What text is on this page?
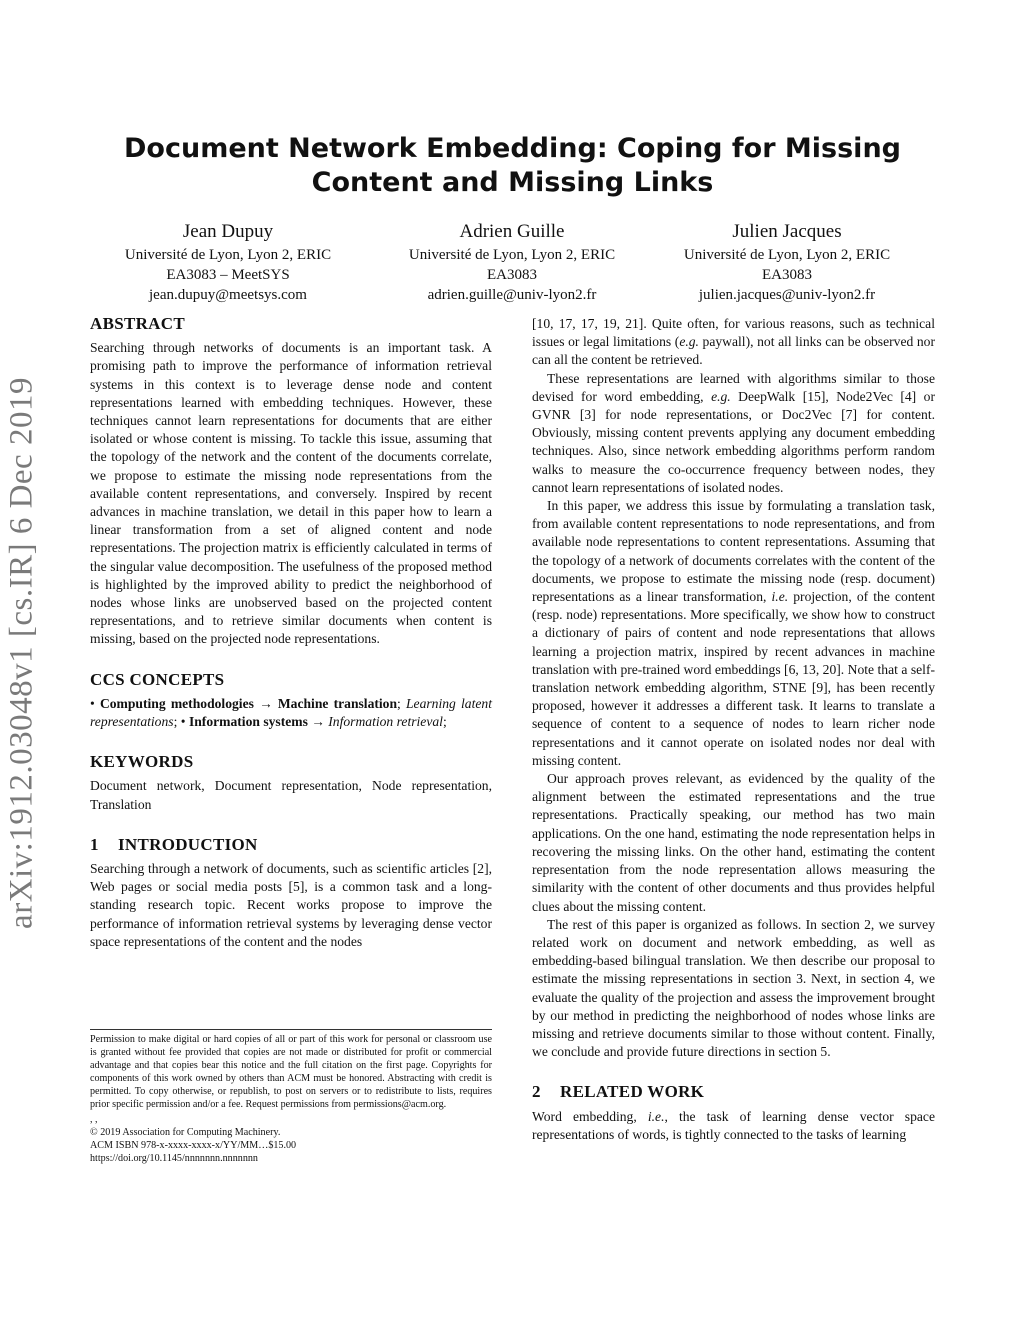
arXiv:1912.03048v1 [cs.IR] 6 Dec 2019
Document Network Embedding: Coping for Missing Content and Missing Links
Jean Dupuy
Université de Lyon, Lyon 2, ERIC
EA3083 – MeetSYS
jean.dupuy@meetsys.com
Adrien Guille
Université de Lyon, Lyon 2, ERIC
EA3083
adrien.guille@univ-lyon2.fr
Julien Jacques
Université de Lyon, Lyon 2, ERIC
EA3083
julien.jacques@univ-lyon2.fr
ABSTRACT

Searching through networks of documents is an important task. A promising path to improve the performance of information retrieval systems in this context is to leverage dense node and content representations learned with embedding techniques. However, these techniques cannot learn representations for documents that are either isolated or whose content is missing. To tackle this issue, assuming that the topology of the network and the content of the documents correlate, we propose to estimate the missing node representations from the available content representations, and conversely. Inspired by recent advances in machine translation, we detail in this paper how to learn a linear transformation from a set of aligned content and node representations. The projection matrix is efficiently calculated in terms of the singular value decomposition. The usefulness of the proposed method is highlighted by the improved ability to predict the neighborhood of nodes whose links are unobserved based on the projected content representations, and to retrieve similar documents when content is missing, based on the projected node representations.

CCS CONCEPTS

• Computing methodologies → Machine translation; Learning latent representations; • Information systems → Information retrieval;

KEYWORDS

Document network, Document representation, Node representation, Translation

1 INTRODUCTION

Searching through a network of documents, such as scientific articles [2], Web pages or social media posts [5], is a common task and a long-standing research topic. Recent works propose to improve the performance of information retrieval systems by leveraging dense vector space representations of the content and the nodes

Permission to make digital or hard copies of all or part of this work for personal or classroom use is granted without fee provided that copies are not made or distributed for profit or commercial advantage and that copies bear this notice and the full citation on the first page. Copyrights for components of this work owned by others than ACM must be honored. Abstracting with credit is permitted. To copy otherwise, or republish, to post on servers or to redistribute to lists, requires prior specific permission and/or a fee. Request permissions from permissions@acm.org.
, ,
© 2019 Association for Computing Machinery.
ACM ISBN 978-x-xxxx-xxxx-x/YY/MM…$15.00
https://doi.org/10.1145/nnnnnnn.nnnnnnn

[10, 17, 17, 19, 21]. Quite often, for various reasons, such as technical issues or legal limitations (e.g. paywall), not all links can be observed nor can all the content be retrieved.

These representations are learned with algorithms similar to those devised for word embedding, e.g. DeepWalk [15], Node2Vec [4] or GVNR [3] for node representations, or Doc2Vec [7] for content. Obviously, missing content prevents applying any document embedding techniques. Also, since network embedding algorithms perform random walks to measure the co-occurrence frequency between nodes, they cannot learn representations of isolated nodes.

In this paper, we address this issue by formulating a translation task, from available content representations to node representations, and from available node representations to content representations. Assuming that the topology of a network of documents correlates with the content of the documents, we propose to estimate the missing node (resp. document) representations as a linear transformation, i.e. projection, of the content (resp. node) representations. More specifically, we show how to construct a dictionary of pairs of content and node representations that allows learning a projection matrix, inspired by recent advances in machine translation with pre-trained word embeddings [6, 13, 20]. Note that a self-translation network embedding algorithm, STNE [9], has been recently proposed, however it addresses a different task. It learns to translate a sequence of content to a sequence of nodes to learn richer node representations and it cannot operate on isolated nodes nor deal with missing content.

Our approach proves relevant, as evidenced by the quality of the alignment between the estimated representations and the true representations. Practically speaking, our method has two main applications. On the one hand, estimating the node representation helps in recovering the missing links. On the other hand, estimating the content representation from the node representation allows measuring the similarity with the content of other documents and thus provides helpful clues about the missing content.

The rest of this paper is organized as follows. In section 2, we survey related work on document and network embedding, as well as embedding-based bilingual translation. We then describe our proposal to estimate the missing representations in section 3. Next, in section 4, we evaluate the quality of the projection and assess the improvement brought by our method in predicting the neighborhood of nodes whose links are missing and retrieve documents similar to those without content. Finally, we conclude and provide future directions in section 5.

2 RELATED WORK

Word embedding, i.e., the task of learning dense vector space representations of words, is tightly connected to the tasks of learning
